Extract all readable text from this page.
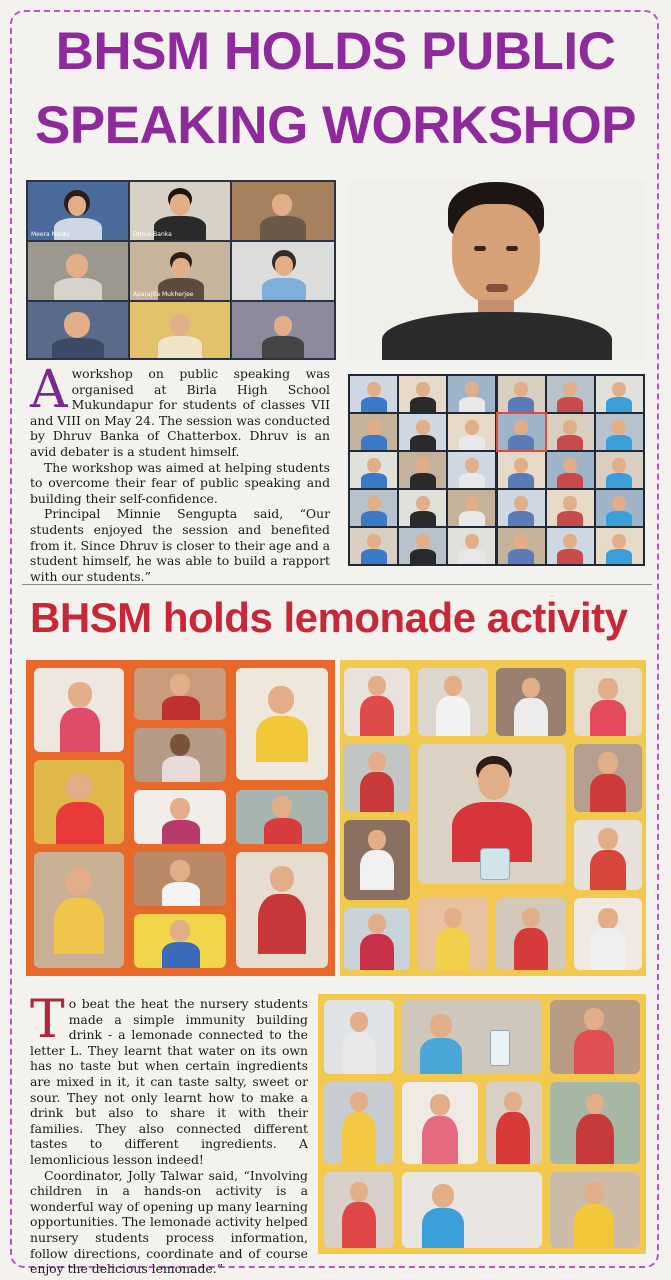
BHSM HOLDS PUBLIC
SPEAKING WORKSHOP
Meera Naidu	Dhruv Banka
Aparajita Mukherjee

Aworkshop on public speaking was organised at Birla High School Mukundapur for students of classes VII and VIII on May 24. The session was conducted by Dhruv Banka of Chatterbox. Dhruv is an avid debater is a student himself.

The workshop was aimed at helping students to overcome their fear of public speaking and building their self-confidence.

Principal Minnie Sengupta said, “Our students enjoyed the session and benefited from it. Since Dhruv is closer to their age and a student himself, he was able to build a rapport with our students.”

BHSM holds lemonade activity

To beat the heat the nursery students made a simple immunity building drink - a lemonade connected to the letter L. They learnt that water on its own has no taste but when certain ingredients are mixed in it, it can taste salty, sweet or sour. They not only learnt how to make a drink but also to share it with their families. They also connected different tastes to different ingredients. A lemonlicious lesson indeed!

Coordinator, Jolly Talwar said, “Involving children in a hands-on activity is a wonderful way of opening up many learning opportunities. The lemonade activity helped nursery students process information, follow directions, coordinate and of course enjoy the delicious lemonade.”
